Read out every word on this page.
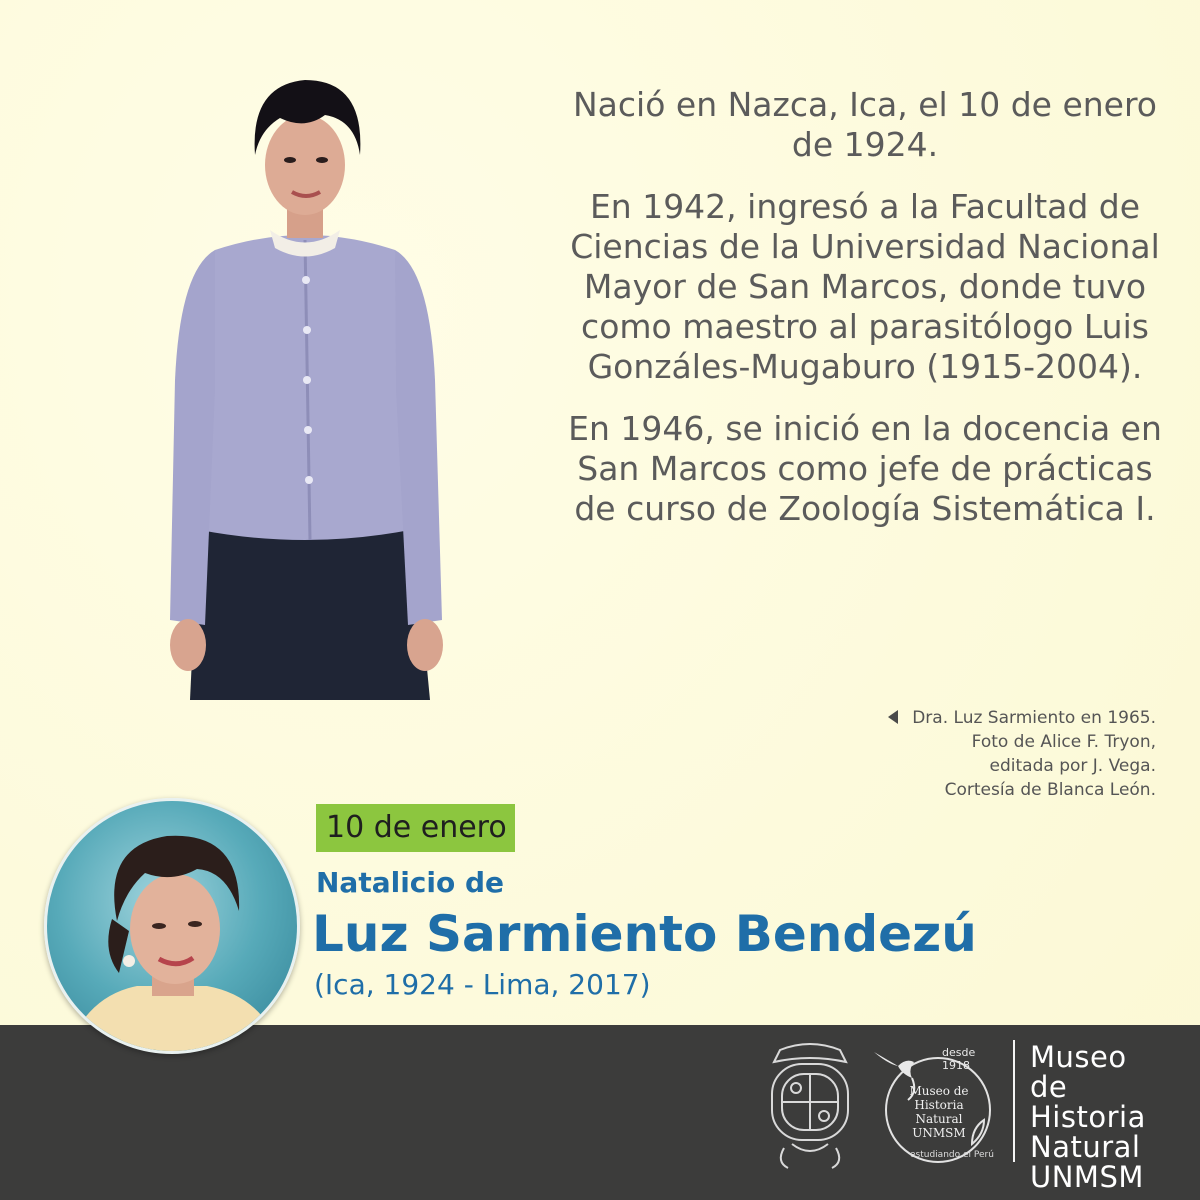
Nació en Nazca, Ica, el 10 de enero de 1924.

En 1942, ingresó a la Facultad de Ciencias de la Universidad Nacional Mayor de San Marcos, donde tuvo como maestro al parasitólogo Luis Gonzáles-Mugaburo (1915-2004).

En 1946, se inició en la docencia en San Marcos como jefe de prácticas de curso de Zoología Sistemática I.

Dra. Luz Sarmiento en 1965.
Foto de Alice F. Tryon,
editada por J. Vega.
Cortesía de Blanca León.
10 de enero
Natalicio de
Luz Sarmiento Bendezú
(Ica, 1924 - Lima, 2017)
desde 1918
Museo de
Historia
Natural
UNMSM
estudiando el Perú
Museo de
Historia
Natural
UNMSM
